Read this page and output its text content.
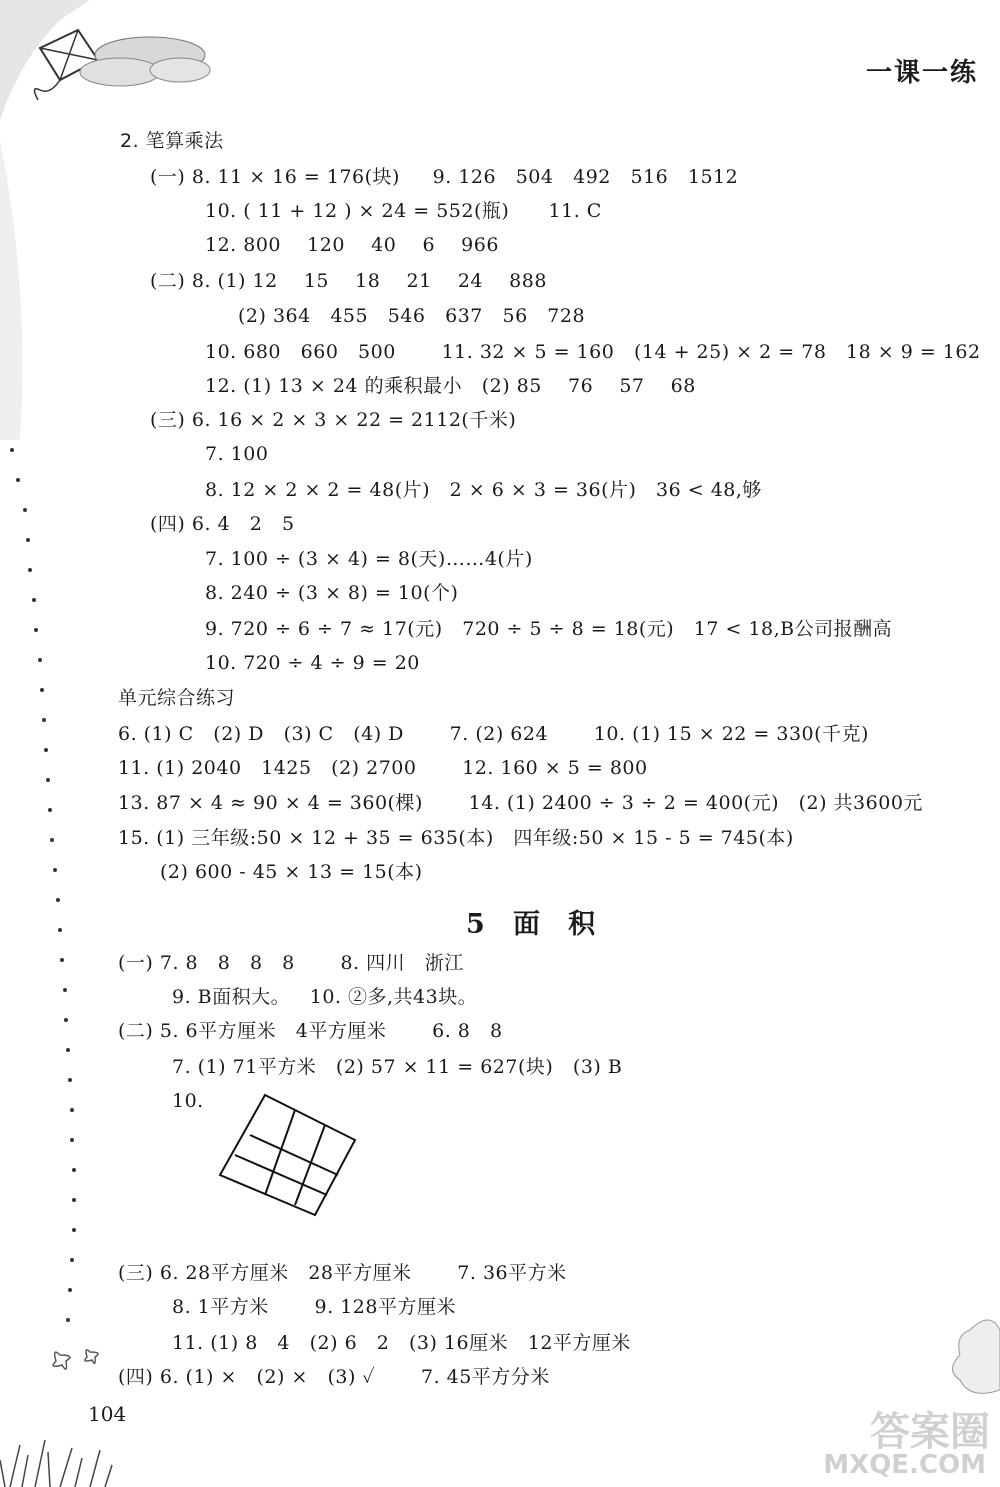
一课一练
2. 笔算乘法
(一) 8. 11 × 16 = 176(块)     9. 126   504   492   516   1512
10. ( 11 + 12 ) × 24 = 552(瓶)      11. C
12. 800    120    40    6    966
(二) 8. (1) 12    15    18    21    24    888
(2) 364   455   546   637   56   728
10. 680   660   500       11. 32 × 5 = 160   (14 + 25) × 2 = 78   18 × 9 = 162
12. (1) 13 × 24 的乘积最小   (2) 85    76    57    68
(三) 6. 16 × 2 × 3 × 22 = 2112(千米)
7. 100
8. 12 × 2 × 2 = 48(片)   2 × 6 × 3 = 36(片)   36 < 48,够
(四) 6. 4   2   5
7. 100 ÷ (3 × 4) = 8(天)……4(片)
8. 240 ÷ (3 × 8) = 10(个)
9. 720 ÷ 6 ÷ 7 ≈ 17(元)   720 ÷ 5 ÷ 8 = 18(元)   17 < 18,B公司报酬高
10. 720 ÷ 4 ÷ 9 = 20
单元综合练习
6. (1) C   (2) D   (3) C   (4) D       7. (2) 624       10. (1) 15 × 22 = 330(千克)
11. (1) 2040   1425   (2) 2700       12. 160 × 5 = 800
13. 87 × 4 ≈ 90 × 4 = 360(棵)       14. (1) 2400 ÷ 3 ÷ 2 = 400(元)   (2) 共3600元
15. (1) 三年级:50 × 12 + 35 = 635(本)   四年级:50 × 15 - 5 = 745(本)
(2) 600 - 45 × 13 = 15(本)
5   面   积
(一) 7. 8   8   8   8       8. 四川   浙江
9. B面积大。   10. ②多,共43块。
(二) 5. 6平方厘米   4平方厘米       6. 8   8
7. (1) 71平方米   (2) 57 × 11 = 627(块)   (3) B
10.
(三) 6. 28平方厘米   28平方厘米       7. 36平方米
8. 1平方米       9. 128平方厘米
11. (1) 8   4   (2) 6   2   (3) 16厘米   12平方厘米
(四) 6. (1) ×   (2) ×   (3) ✓       7. 45平方分米
104	答案圈
MXQE.COM
